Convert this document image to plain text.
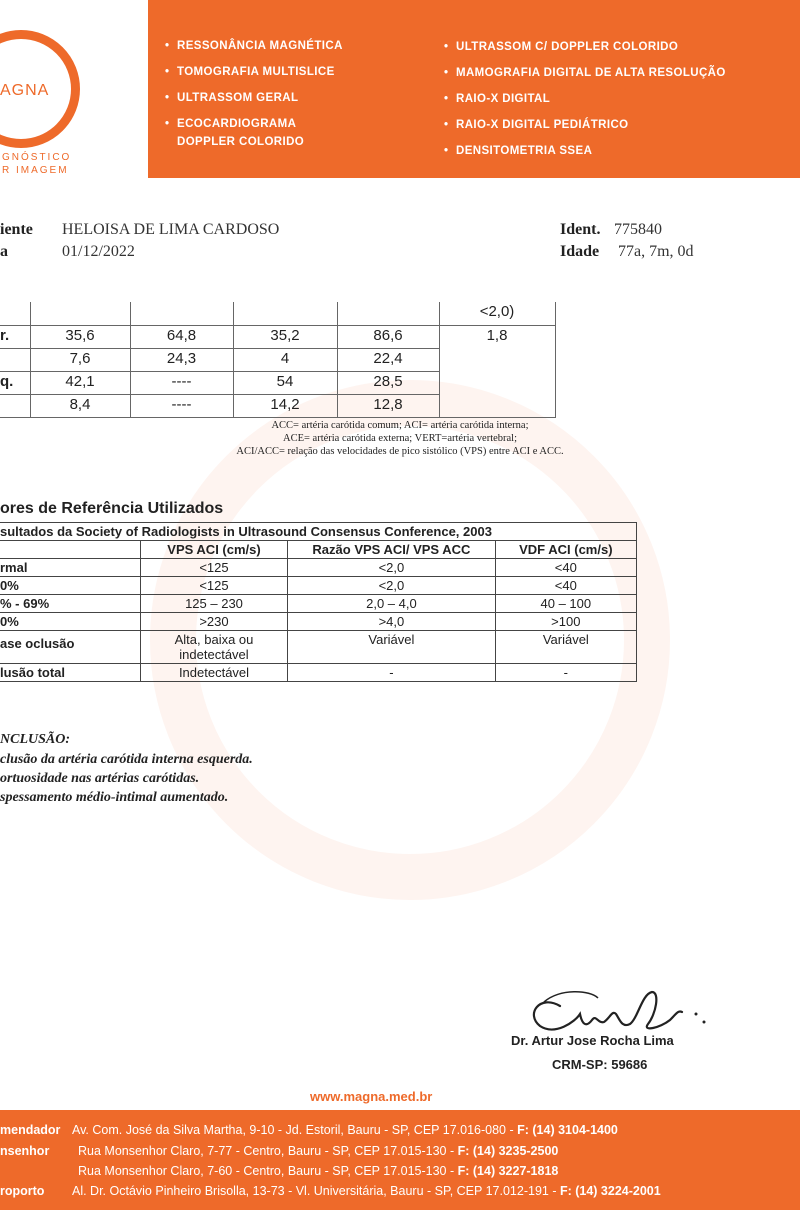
AGNA
GNÓSTICO
R IMAGEM
• RESSONÂNCIA MAGNÉTICA
• TOMOGRAFIA MULTISLICE
• ULTRASSOM GERAL
• ECOCARDIOGRAMA
DOPPLER COLORIDO
• ULTRASSOM C/ DOPPLER COLORIDO
• MAMOGRAFIA DIGITAL DE ALTA RESOLUÇÃO
• RAIO-X DIGITAL
• RAIO-X DIGITAL PEDIÁTRICO
• DENSITOMETRIA SSEA
iente HELOISA DE LIMA CARDOSO
a	01/12/2022
Ident. 775840
Idade 77a, 7m, 0d
					<2,0)
r.	35,6	64,8	35,2	86,6	1,8
	7,6	24,3	4	22,4	
q.	42,1	----	54	28,5	
	8,4	----	14,2	12,8	
ACC= artéria carótida comum; ACI= artéria carótida interna;
ACE= artéria carótida externa; VERT=artéria vertebral;
ACI/ACC= relação das velocidades de pico sistólico (VPS) entre ACI e ACC.
ores de Referência Utilizados
sultados da Society of Radiologists in Ultrasound Consensus Conference, 2003			
	VPS ACI (cm/s)	Razão VPS ACI/ VPS ACC	VDF ACI (cm/s)
rmal	<125	<2,0	<40
0%	<125	<2,0	<40
% - 69%	125 – 230	2,0 – 4,0	40 – 100
0%	>230	>4,0	>100
ase oclusão	Alta, baixa ou indetectável	Variável	Variável
lusão total	Indetectável	-	-
NCLUSÃO:
clusão da artéria carótida interna esquerda.
ortuosidade nas artérias carótidas.
spessamento médio-intimal aumentado.
Dr. Artur Jose Rocha Lima
CRM-SP: 59686
www.magna.med.br
mendador Av. Com. José da Silva Martha, 9-10 - Jd. Estoril, Bauru - SP, CEP 17.016-080 - F: (14) 3104-1400
nsenhor Rua Monsenhor Claro, 7-77 - Centro, Bauru - SP, CEP 17.015-130 - F: (14) 3235-2500
Rua Monsenhor Claro, 7-60 - Centro, Bauru - SP, CEP 17.015-130 - F: (14) 3227-1818
roporto Al. Dr. Octávio Pinheiro Brisolla, 13-73 - Vl. Universitária, Bauru - SP, CEP 17.012-191 - F: (14) 3224-2001
